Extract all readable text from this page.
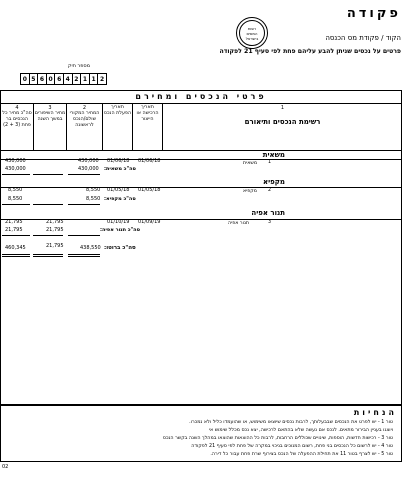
פקודה
הקוד / פקודת מס הכנסה
פרטים על נכסים שניתן להבע עליהם פחת לפי סעיף 21 לפקודה
רשות
המסים
בישראל
מספר תיק
0 5 6 0 6 4 2 1 1 2
פרטי הנכסים ומחירם
4
סה"כ מחיר כל הנכסים בר פחת (3 + 2)
3
מחיר השיפורים במשך השנה
2
המחיר המקורי שולם/הנכס לראשונה
תאריך הפעלת הנכס
תאריך הרכישה או הייצור
1
רשימת הנכסים ותיאורם
משאית
1
משאית
01/06/18
01/06/18
430,000
430,000
סה"כ משאית:
430,000
430,000
מקפיא
2
מקפיא
01/05/18
01/05/18
8,550
8,550
סה"כ מקפיא:
8,550
8,550
תנור אפיה
3
תנור אפיה
01/09/19
01/10/19
21,795
21,795
סה"כ תנור אפיה:
21,795
21,795
סה"כ ברוטו:
438,550
21,795
460,345
הנחיות
טור 1 - יש לפרט את הנכסים שבבעלותך, לרבות נכסים שיוצאו משימוש, או שהועמדו כליל ולא נמכרו.
ויוצגו בעניין הבירור מתאים. לנכס אם נעשה שלא בהתאם לרכישה, יצא נכס מכלל שימוש אי
טור 3 - רכישות חדשות, הוספות, שינויים שכוללים הרחבות, לרבות כל ההוצאות שהוצאו במהלך השנה בקשר הנכס
טור 4 - יש לרשום כל הנכסים בני פחת, רשום המנוכים בניכוי במקרה של פחת לפי סעיף 21 לפקודה
טור 5 - יש לצרף בטור 11 את תחילת ההפעלה של הנכס בצירוף שרת פחת עבור כל דירה.
02
